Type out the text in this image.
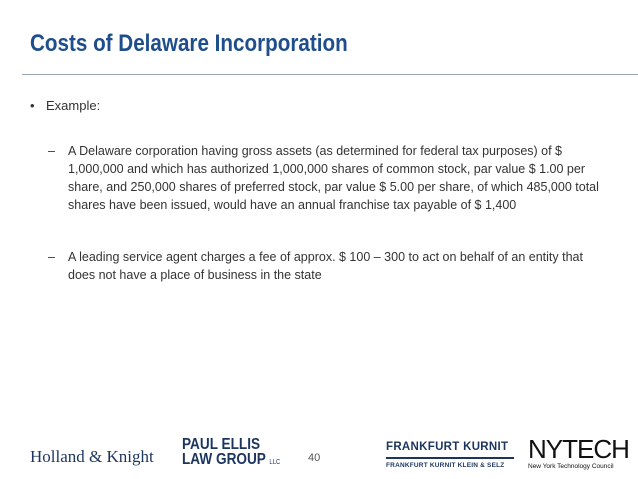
Costs of Delaware Incorporation
• Example:
– A Delaware corporation having gross assets (as determined for federal tax purposes) of $ 1,000,000 and which has authorized 1,000,000 shares of common stock, par value $ 1.00 per share, and 250,000 shares of preferred stock, par value $ 5.00 per share, of which 485,000 total shares have been issued, would have an annual franchise tax payable of $ 1,400
– A leading service agent charges a fee of approx. $ 100 – 300 to act on behalf of an entity that does not have a place of business in the state
Holland & Knight
PAUL ELLIS
LAW GROUP LLC	40
FRANKFURT KURNIT
FRANKFURT KURNIT KLEIN & SELZ
NYTECH
New York Technology Council
